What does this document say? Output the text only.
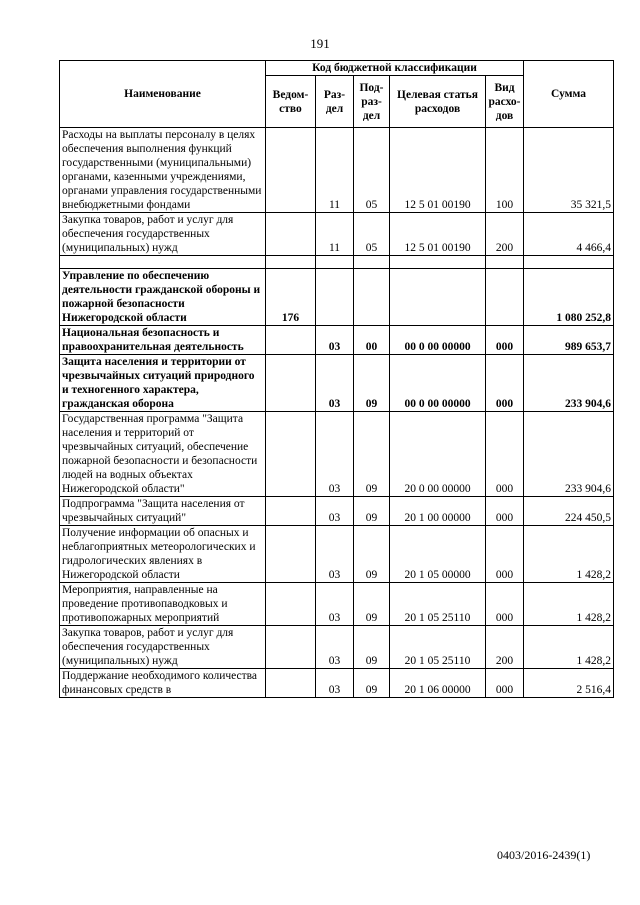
191
Наименование	Код бюджетной классификации					Сумма
	Ведом-ство	Раз-дел	Под-раз-дел	Целевая статья расходов	Вид расхо-дов	
Расходы на выплаты персоналу в целях обеспечения выполнения функций государственными (муниципальными) органами, казенными учреждениями, органами управления государственными внебюджетными фондами		11	05	12 5 01 00190	100	35 321,5
Закупка товаров, работ и услуг для обеспечения государственных (муниципальных) нужд		11	05	12 5 01 00190	200	4 466,4

Управление по обеспечению деятельности гражданской обороны и пожарной безопасности Нижегородской области	176					1 080 252,8
Национальная безопасность и правоохранительная деятельность		03	00	00 0 00 00000	000	989 653,7
Защита населения и территории от чрезвычайных ситуаций природного и техногенного характера, гражданская оборона		03	09	00 0 00 00000	000	233 904,6
Государственная программа "Защита населения и территорий от чрезвычайных ситуаций, обеспечение пожарной безопасности и безопасности людей на водных объектах Нижегородской области"		03	09	20 0 00 00000	000	233 904,6
Подпрограмма "Защита населения от чрезвычайных ситуаций"		03	09	20 1 00 00000	000	224 450,5
Получение информации об опасных и неблагоприятных метеорологических и гидрологических явлениях в Нижегородской области		03	09	20 1 05 00000	000	1 428,2
Мероприятия, направленные на проведение противопаводковых и противопожарных мероприятий		03	09	20 1 05 25110	000	1 428,2
Закупка товаров, работ и услуг для обеспечения государственных (муниципальных) нужд		03	09	20 1 05 25110	200	1 428,2
Поддержание необходимого количества финансовых средств в		03	09	20 1 06 00000	000	2 516,4
0403/2016-2439(1)
